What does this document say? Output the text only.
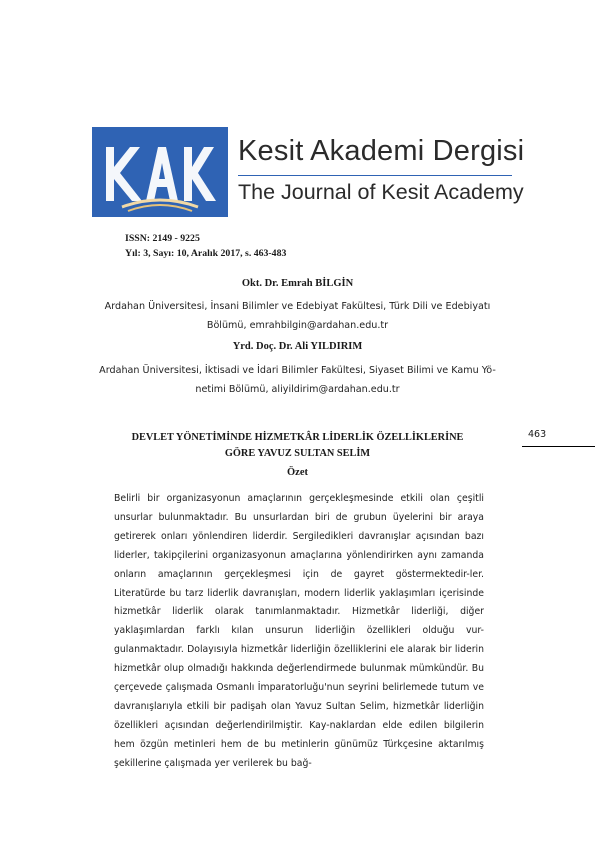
Kesit Akademi Dergisi
The Journal of Kesit Academy
ISSN: 2149 - 9225
Yıl: 3, Sayı: 10, Aralık 2017, s. 463-483
Okt. Dr. Emrah BİLGİN
Ardahan Üniversitesi, İnsani Bilimler ve Edebiyat Fakültesi, Türk Dili ve Edebiyatı
Bölümü, emrahbilgin@ardahan.edu.tr
Yrd. Doç. Dr. Ali YILDIRIM
Ardahan Üniversitesi, İktisadi ve İdari Bilimler Fakültesi, Siyaset Bilimi ve Kamu Yö-
netimi Bölümü, aliyildirim@ardahan.edu.tr
463
DEVLET YÖNETİMİNDE HİZMETKÂR LİDERLİK ÖZELLİKLERİNE
GÖRE YAVUZ SULTAN SELİM
Özet

Belirli bir organizasyonun amaçlarının gerçekleşmesinde etkili olan çeşitli unsurlar bulunmaktadır. Bu unsurlardan biri de grubun üyelerini bir araya getirerek onları yönlendiren liderdir. Sergiledikleri davranışlar açısından bazı liderler, takipçilerini organizasyonun amaçlarına yönlendirirken aynı zamanda onların amaçlarının gerçekleşmesi için de gayret göstermektedir-ler. Literatürde bu tarz liderlik davranışları, modern liderlik yaklaşımları içerisinde hizmetkâr liderlik olarak tanımlanmaktadır. Hizmetkâr liderliği, diğer yaklaşımlardan farklı kılan unsurun liderliğin özellikleri olduğu vur-gulanmaktadır. Dolayısıyla hizmetkâr liderliğin özelliklerini ele alarak bir liderin hizmetkâr olup olmadığı hakkında değerlendirmede bulunmak mümkündür. Bu çerçevede çalışmada Osmanlı İmparatorluğu'nun seyrini belirlemede tutum ve davranışlarıyla etkili bir padişah olan Yavuz Sultan Selim, hizmetkâr liderliğin özellikleri açısından değerlendirilmiştir. Kay-naklardan elde edilen bilgilerin hem özgün metinleri hem de bu metinlerin günümüz Türkçesine aktarılmış şekillerine çalışmada yer verilerek bu bağ-
